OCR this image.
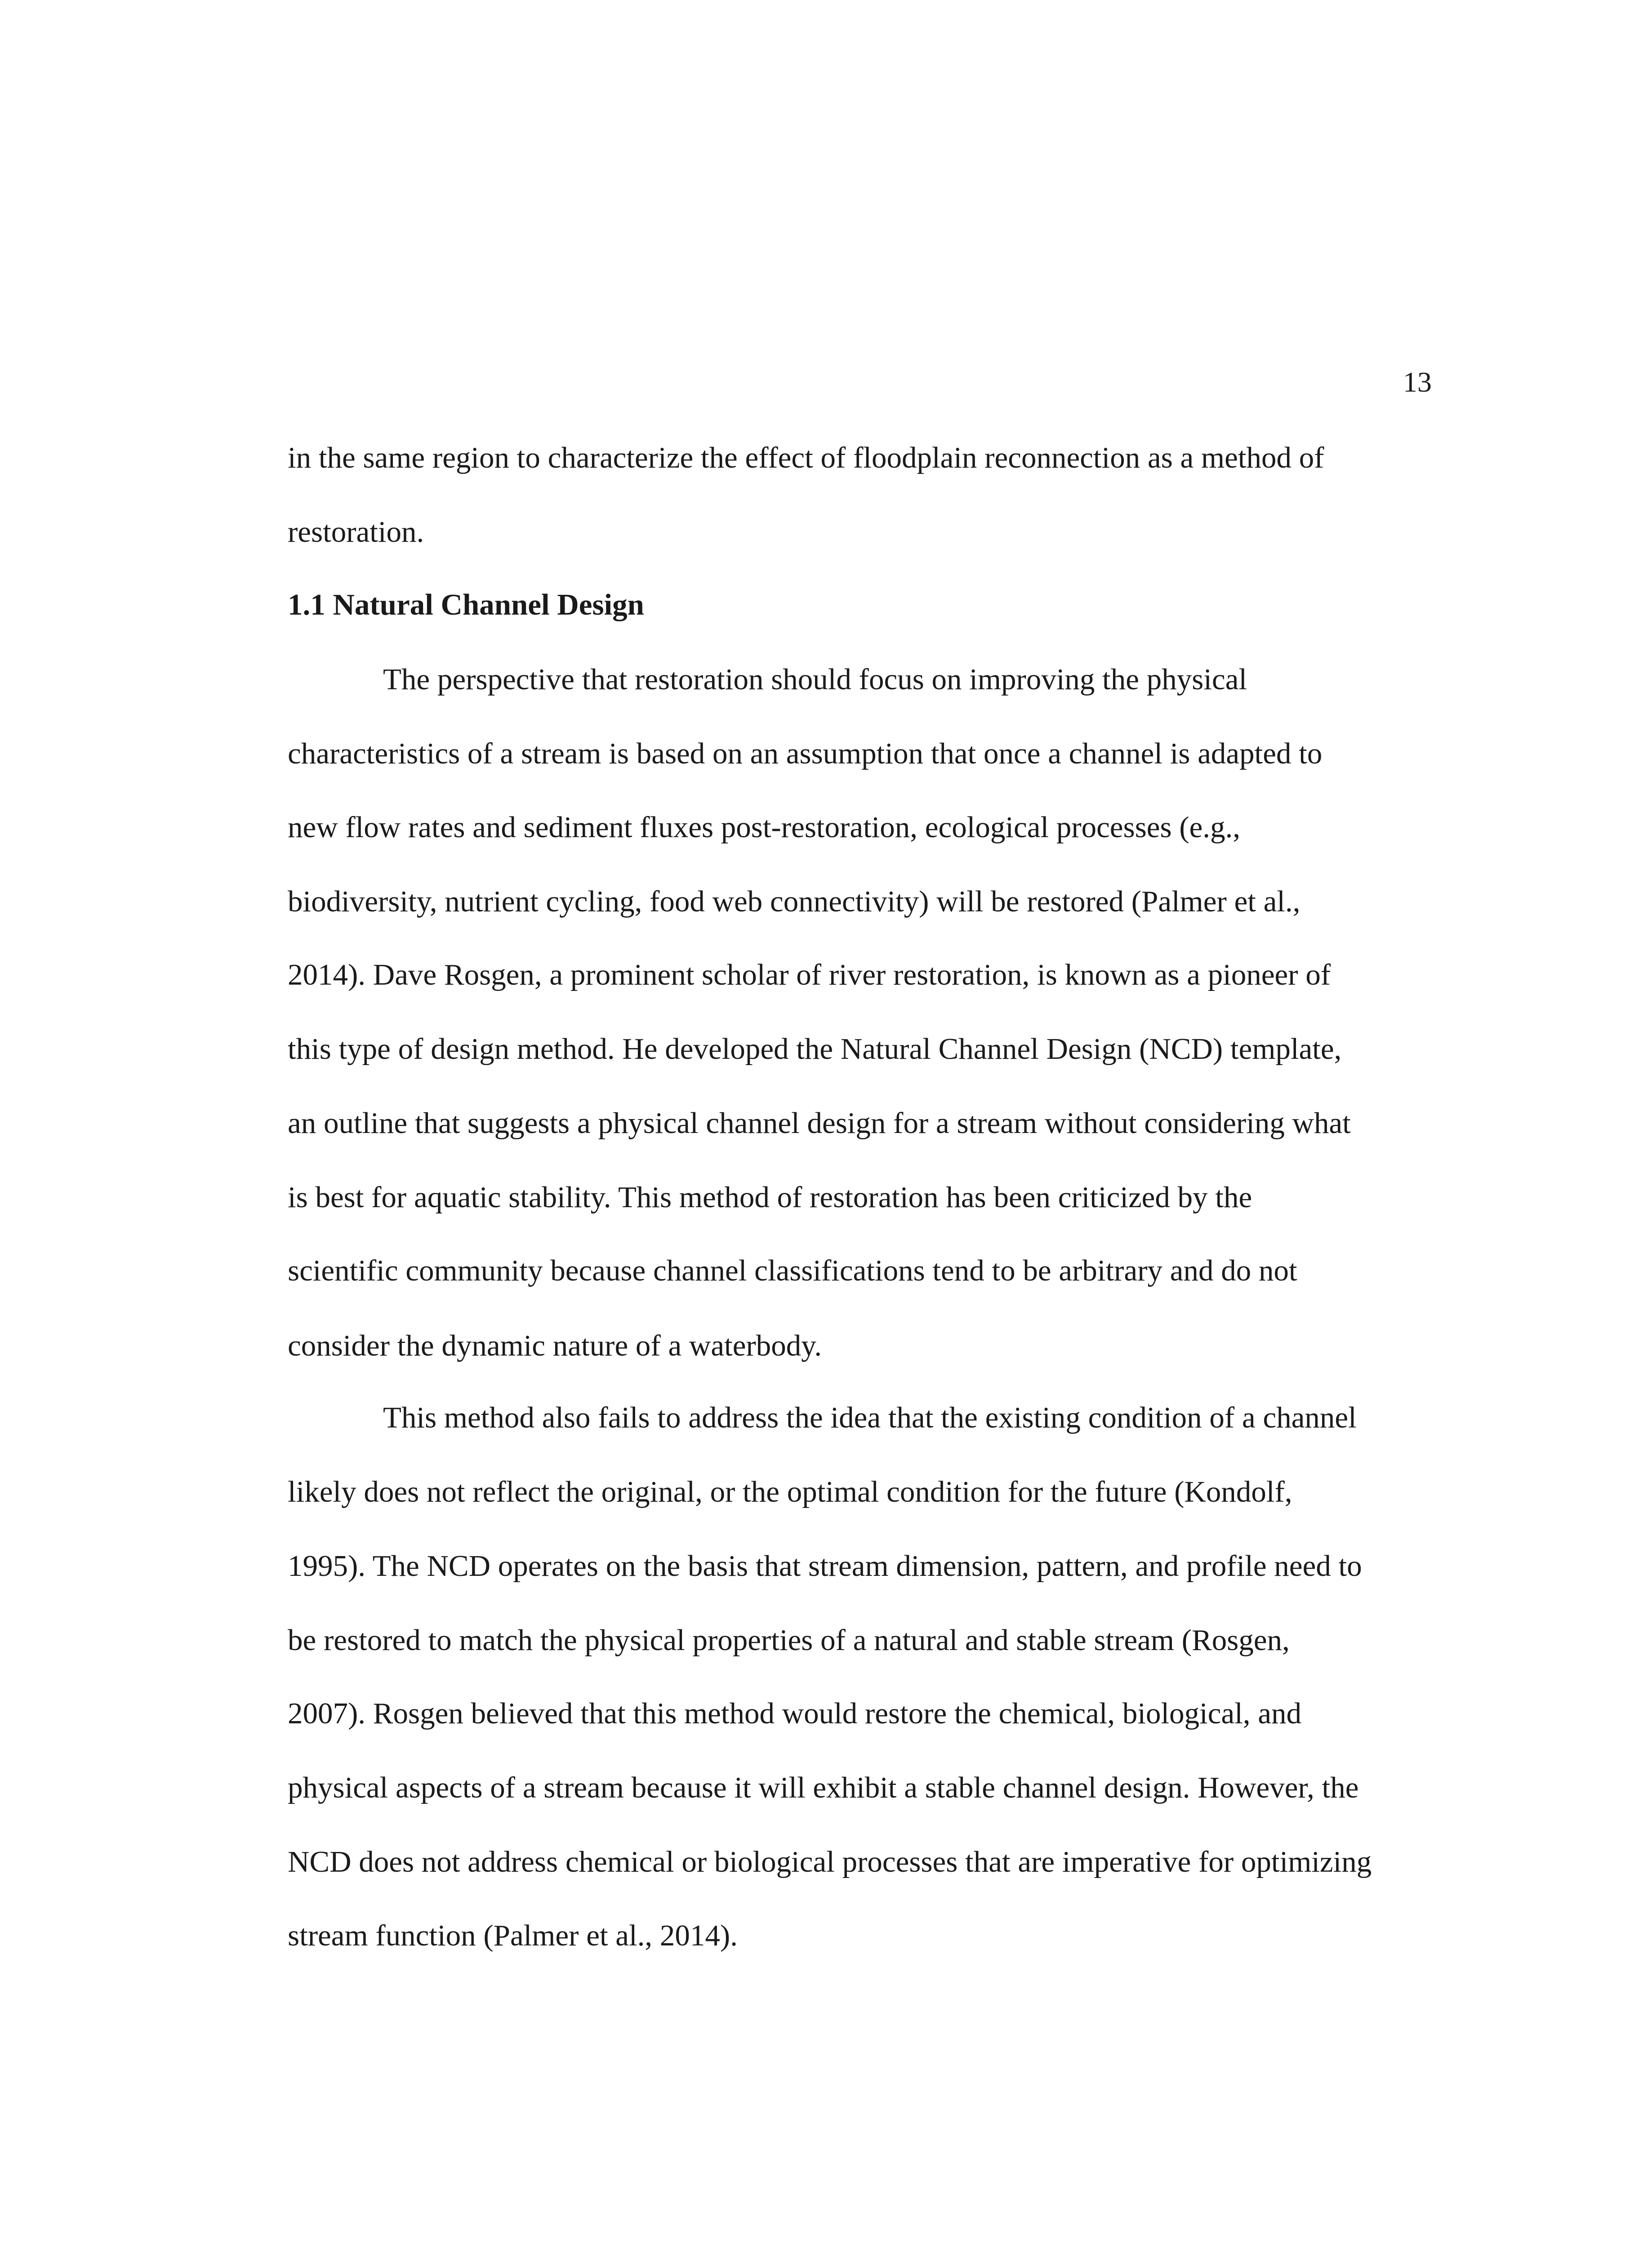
13
in the same region to characterize the effect of floodplain reconnection as a method of
restoration.
1.1 Natural Channel Design
The perspective that restoration should focus on improving the physical
characteristics of a stream is based on an assumption that once a channel is adapted to
new flow rates and sediment fluxes post-restoration, ecological processes (e.g.,
biodiversity, nutrient cycling, food web connectivity) will be restored (Palmer et al.,
2014). Dave Rosgen, a prominent scholar of river restoration, is known as a pioneer of
this type of design method. He developed the Natural Channel Design (NCD) template,
an outline that suggests a physical channel design for a stream without considering what
is best for aquatic stability. This method of restoration has been criticized by the
scientific community because channel classifications tend to be arbitrary and do not
consider the dynamic nature of a waterbody.
This method also fails to address the idea that the existing condition of a channel
likely does not reflect the original, or the optimal condition for the future (Kondolf,
1995). The NCD operates on the basis that stream dimension, pattern, and profile need to
be restored to match the physical properties of a natural and stable stream (Rosgen,
2007). Rosgen believed that this method would restore the chemical, biological, and
physical aspects of a stream because it will exhibit a stable channel design. However, the
NCD does not address chemical or biological processes that are imperative for optimizing
stream function (Palmer et al., 2014).
